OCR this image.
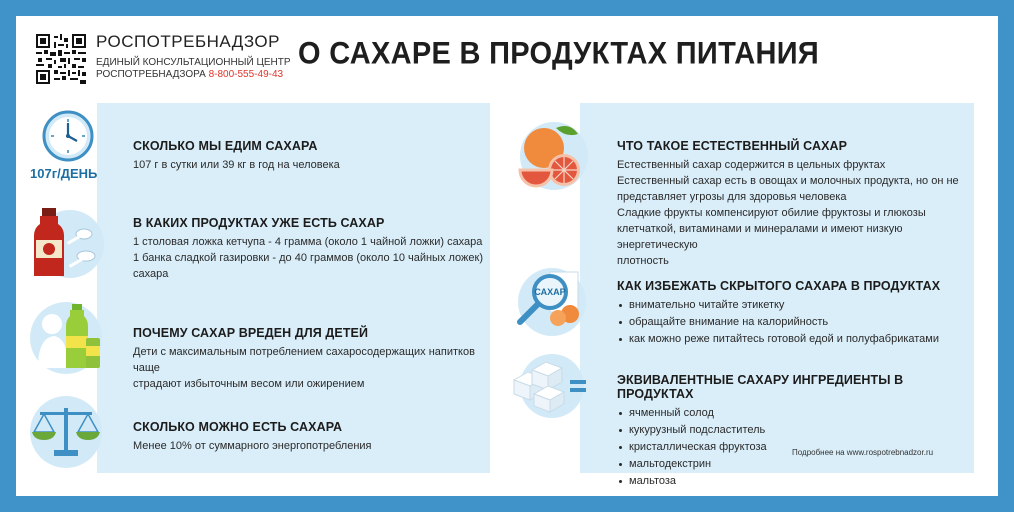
РОСПОТРЕБНАДЗОР
ЕДИНЫЙ КОНСУЛЬТАЦИОННЫЙ ЦЕНТР
РОСПОТРЕБНАДЗОРА 8-800-555-49-43
О САХАРЕ В ПРОДУКТАХ ПИТАНИЯ
107г/ДЕНЬ
СКОЛЬКО МЫ ЕДИМ САХАРА
107 г в сутки или 39 кг в год на человека
В КАКИХ ПРОДУКТАХ УЖЕ ЕСТЬ САХАР
1 столовая ложка кетчупа - 4 грамма (около 1 чайной ложки) сахара
1 банка сладкой газировки - до 40 граммов (около 10 чайных ложек)
сахара
ПОЧЕМУ САХАР ВРЕДЕН ДЛЯ ДЕТЕЙ
Дети с максимальным потреблением сахаросодержащих напитков чаще
страдают избыточным весом или ожирением
СКОЛЬКО МОЖНО ЕСТЬ САХАРА
Менее 10% от суммарного энергопотребления
САХАР
ЧТО ТАКОЕ ЕСТЕСТВЕННЫЙ САХАР
Естественный сахар содержится в цельных фруктах
Естественный сахар есть в овощах и молочных продукта, но он не
представляет угрозы для здоровья человека
Сладкие фрукты компенсируют обилие фруктозы и глюкозы
клетчаткой, витаминами и минералами и имеют низкую энергетическую
плотность
КАК ИЗБЕЖАТЬ СКРЫТОГО САХАРА В ПРОДУКТАХ
внимательно читайте этикетку
обращайте внимание на калорийность
как можно реже питайтесь готовой едой и полуфабрикатами
ЭКВИВАЛЕНТНЫЕ САХАРУ ИНГРЕДИЕНТЫ В ПРОДУКТАХ
ячменный солод
кукурузный подсластитель
кристаллическая фруктоза
мальтодекстрин
мальтоза
Подробнее на www.rospotrebnadzor.ru
